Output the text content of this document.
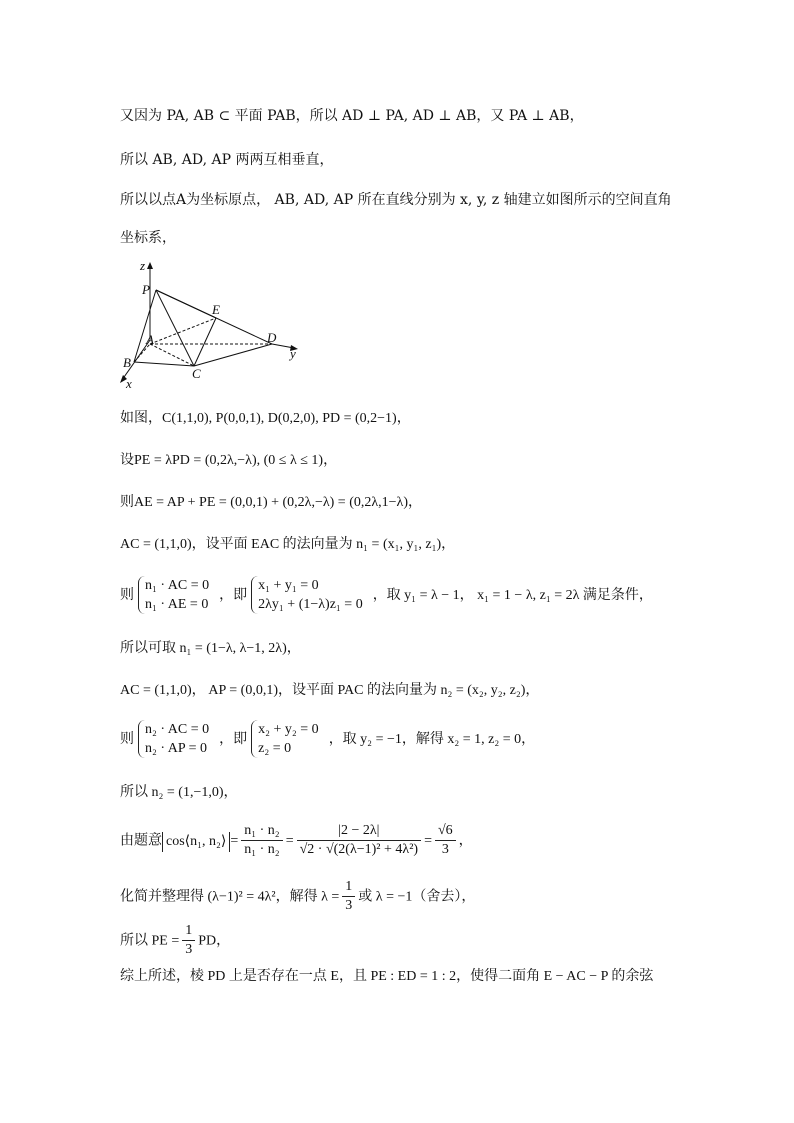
又因为 PA, AB ⊂ 平面 PAB，所以 AD ⊥ PA, AD ⊥ AB，又 PA ⊥ AB，
所以 AB, AD, AP 两两互相垂直，
所以以点A为坐标原点， AB, AD, AP 所在直线分别为 x, y, z 轴建立如图所示的空间直角
坐标系，
z
P
E
A	D
y
B
C
x
如图，C(1,1,0), P(0,0,1), D(0,2,0), PD = (0,2−1)，
设PE = λPD = (0,2λ,−λ), (0 ≤ λ ≤ 1)，
则AE = AP + PE = (0,0,1) + (0,2λ,−λ) = (0,2λ,1−λ)，
AC = (1,1,0)，设平面 EAC 的法向量为 n₁ = (x₁, y₁, z₁)，
则n₁ · AC = 0
n₁ · AE = 0，即x₁ + y₁ = 0
2λy₁ + (1−λ)z₁ = 0，取 y₁ = λ − 1， x₁ = 1 − λ, z₁ = 2λ 满足条件，
所以可取 n₁ = (1−λ, λ−1, 2λ)，
AC = (1,1,0)， AP = (0,0,1)，设平面 PAC 的法向量为 n₂ = (x₂, y₂, z₂)，
则n₂ · AC = 0
n₂ · AP = 0，即x₂ + y₂ = 0
z₂ = 0，取 y₂ = −1，解得 x₂ = 1, z₂ = 0，
所以 n₂ = (1,−1,0)，
由题意 cos⟨n₁, n₂⟩ = $\frac{\text{n₁ · n₂}}{\text{n₁ · n₂}} = \frac{|2 - 2\lambda|}{\text{√2 · √(2(λ−1)² + 4λ²)}} = \frac{√6}{3}$ ，
化简并整理得 (λ−1)² = 4λ²，解得 $\lambda = \frac{1}{3}$ 或 λ = −1（舍去），
所以 PE = $\frac{1}{3}$ PD，
综上所述，棱 PD 上是否存在一点 E，且 PE : ED = 1 : 2，使得二面角 E − AC − P 的余弦
